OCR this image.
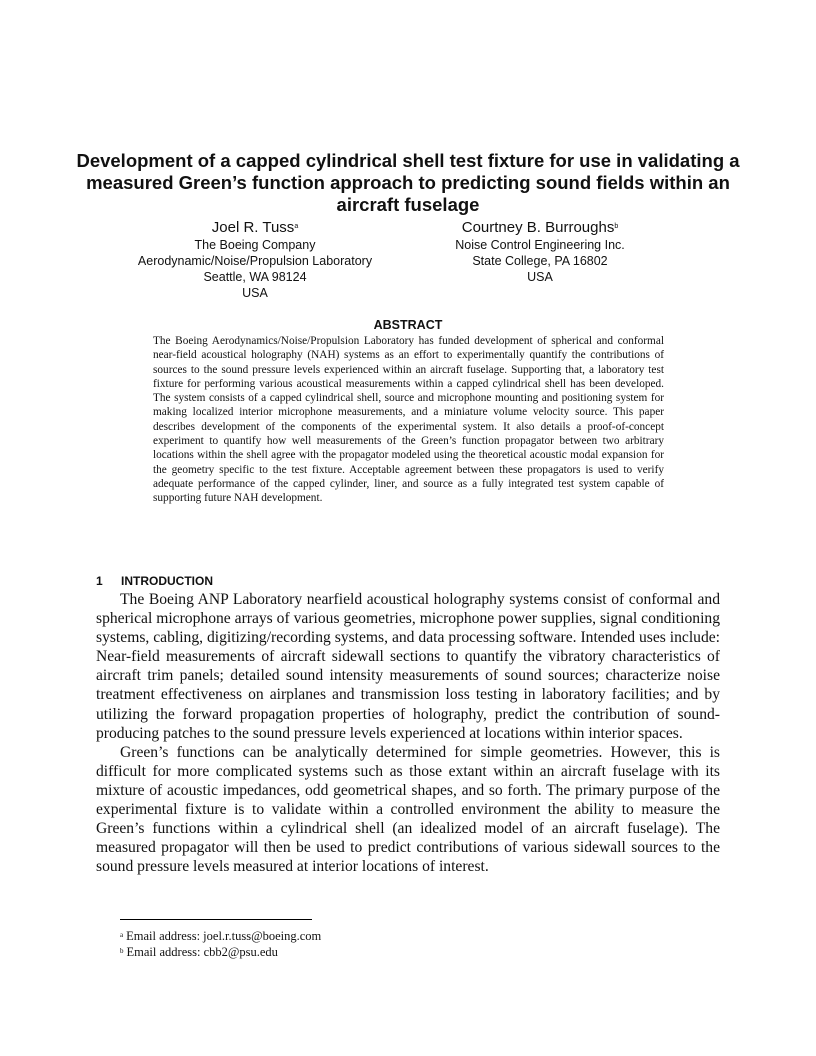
Development of a capped cylindrical shell test fixture for use in validating a measured Green’s function approach to predicting sound fields within an aircraft fuselage
Joel R. Tuss$^a$
The Boeing Company
Aerodynamic/Noise/Propulsion Laboratory
Seattle, WA 98124
USA
Courtney B. Burroughs$^b$
Noise Control Engineering Inc.
State College, PA 16802
USA
ABSTRACT
The Boeing Aerodynamics/Noise/Propulsion Laboratory has funded development of spherical and conformal near-field acoustical holography (NAH) systems as an effort to experimentally quantify the contributions of sources to the sound pressure levels experienced within an aircraft fuselage. Supporting that, a laboratory test fixture for performing various acoustical measurements within a capped cylindrical shell has been developed. The system consists of a capped cylindrical shell, source and microphone mounting and positioning system for making localized interior microphone measurements, and a miniature volume velocity source. This paper describes development of the components of the experimental system. It also details a proof-of-concept experiment to quantify how well measurements of the Green’s function propagator between two arbitrary locations within the shell agree with the propagator modeled using the theoretical acoustic modal expansion for the geometry specific to the test fixture. Acceptable agreement between these propagators is used to verify adequate performance of the capped cylinder, liner, and source as a fully integrated test system capable of supporting future NAH development.
1 INTRODUCTION

The Boeing ANP Laboratory nearfield acoustical holography systems consist of conformal and spherical microphone arrays of various geometries, microphone power supplies, signal conditioning systems, cabling, digitizing/recording systems, and data processing software. Intended uses include: Near-field measurements of aircraft sidewall sections to quantify the vibratory characteristics of aircraft trim panels; detailed sound intensity measurements of sound sources; characterize noise treatment effectiveness on airplanes and transmission loss testing in laboratory facilities; and by utilizing the forward propagation properties of holography, predict the contribution of sound-producing patches to the sound pressure levels experienced at locations within interior spaces.

Green’s functions can be analytically determined for simple geometries. However, this is difficult for more complicated systems such as those extant within an aircraft fuselage with its mixture of acoustic impedances, odd geometrical shapes, and so forth. The primary purpose of the experimental fixture is to validate within a controlled environment the ability to measure the Green’s functions within a cylindrical shell (an idealized model of an aircraft fuselage). The measured propagator will then be used to predict contributions of various sidewall sources to the sound pressure levels measured at interior locations of interest.

$^a$ Email address: joel.r.tuss@boeing.com
$^b$ Email address: cbb2@psu.edu
